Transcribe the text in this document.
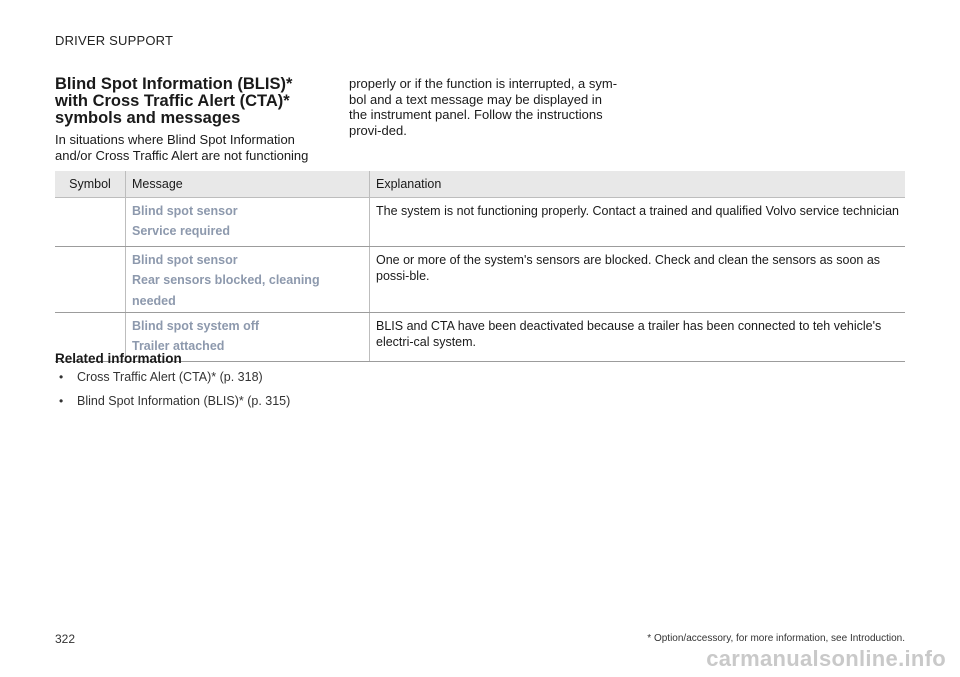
DRIVER SUPPORT
Blind Spot Information (BLIS)* with Cross Traffic Alert (CTA)* symbols and messages

In situations where Blind Spot Information and/or Cross Traffic Alert are not functioning

properly or if the function is interrupted, a sym-bol and a text message may be displayed in the instrument panel. Follow the instructions provi-ded.

Symbol	Message	Explanation

	Blind spot sensor
Service required	The system is not functioning properly. Contact a trained and qualified Volvo service technician

	Blind spot sensor
Rear sensors blocked, cleaning needed	One or more of the system's sensors are blocked. Check and clean the sensors as soon as possi-ble.

	Blind spot system off
Trailer attached	BLIS and CTA have been deactivated because a trailer has been connected to teh vehicle's electri-cal system.
Related information
• Cross Traffic Alert (CTA)* (p. 318)
• Blind Spot Information (BLIS)* (p. 315)
322	* Option/accessory, for more information, see Introduction.
carmanualsonline.info
